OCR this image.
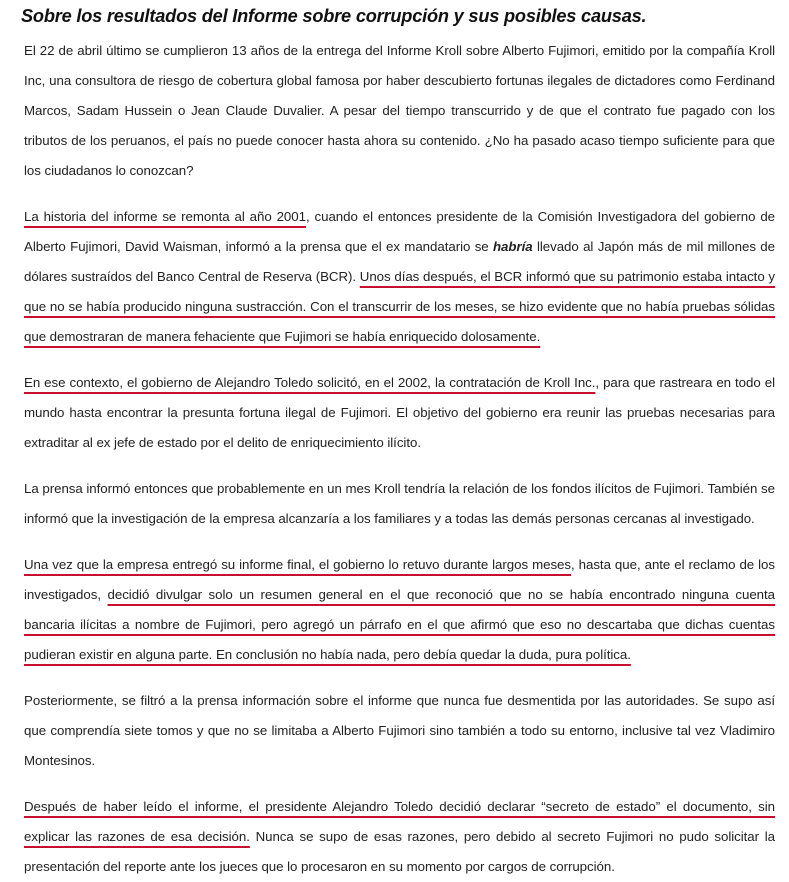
Sobre los resultados del Informe sobre corrupción y sus posibles causas.

El 22 de abril último se cumplieron 13 años de la entrega del Informe Kroll sobre Alberto Fujimori, emitido por la compañía Kroll Inc, una consultora de riesgo de cobertura global famosa por haber descubierto fortunas ilegales de dictadores como Ferdinand Marcos, Sadam Hussein o Jean Claude Duvalier. A pesar del tiempo transcurrido y de que el contrato fue pagado con los tributos de los peruanos, el país no puede conocer hasta ahora su contenido. ¿No ha pasado acaso tiempo suficiente para que los ciudadanos lo conozcan?

La historia del informe se remonta al año 2001, cuando el entonces presidente de la Comisión Investigadora del gobierno de Alberto Fujimori, David Waisman, informó a la prensa que el ex mandatario se habría llevado al Japón más de mil millones de dólares sustraídos del Banco Central de Reserva (BCR). Unos días después, el BCR informó que su patrimonio estaba intacto y que no se había producido ninguna sustracción. Con el transcurrir de los meses, se hizo evidente que no había pruebas sólidas que demostraran de manera fehaciente que Fujimori se había enriquecido dolosamente.

En ese contexto, el gobierno de Alejandro Toledo solicitó, en el 2002, la contratación de Kroll Inc., para que rastreara en todo el mundo hasta encontrar la presunta fortuna ilegal de Fujimori. El objetivo del gobierno era reunir las pruebas necesarias para extraditar al ex jefe de estado por el delito de enriquecimiento ilícito.

La prensa informó entonces que probablemente en un mes Kroll tendría la relación de los fondos ilícitos de Fujimori. También se informó que la investigación de la empresa alcanzaría a los familiares y a todas las demás personas cercanas al investigado.

Una vez que la empresa entregó su informe final, el gobierno lo retuvo durante largos meses, hasta que, ante el reclamo de los investigados, decidió divulgar solo un resumen general en el que reconoció que no se había encontrado ninguna cuenta bancaria ilícitas a nombre de Fujimori, pero agregó un párrafo en el que afirmó que eso no descartaba que dichas cuentas pudieran existir en alguna parte. En conclusión no había nada, pero debía quedar la duda, pura política.

Posteriormente, se filtró a la prensa información sobre el informe que nunca fue desmentida por las autoridades. Se supo así que comprendía siete tomos y que no se limitaba a Alberto Fujimori sino también a todo su entorno, inclusive tal vez Vladimiro Montesinos.

Después de haber leído el informe, el presidente Alejandro Toledo decidió declarar “secreto de estado” el documento, sin explicar las razones de esa decisión. Nunca se supo de esas razones, pero debido al secreto Fujimori no pudo solicitar la presentación del reporte ante los jueces que lo procesaron en su momento por cargos de corrupción.
